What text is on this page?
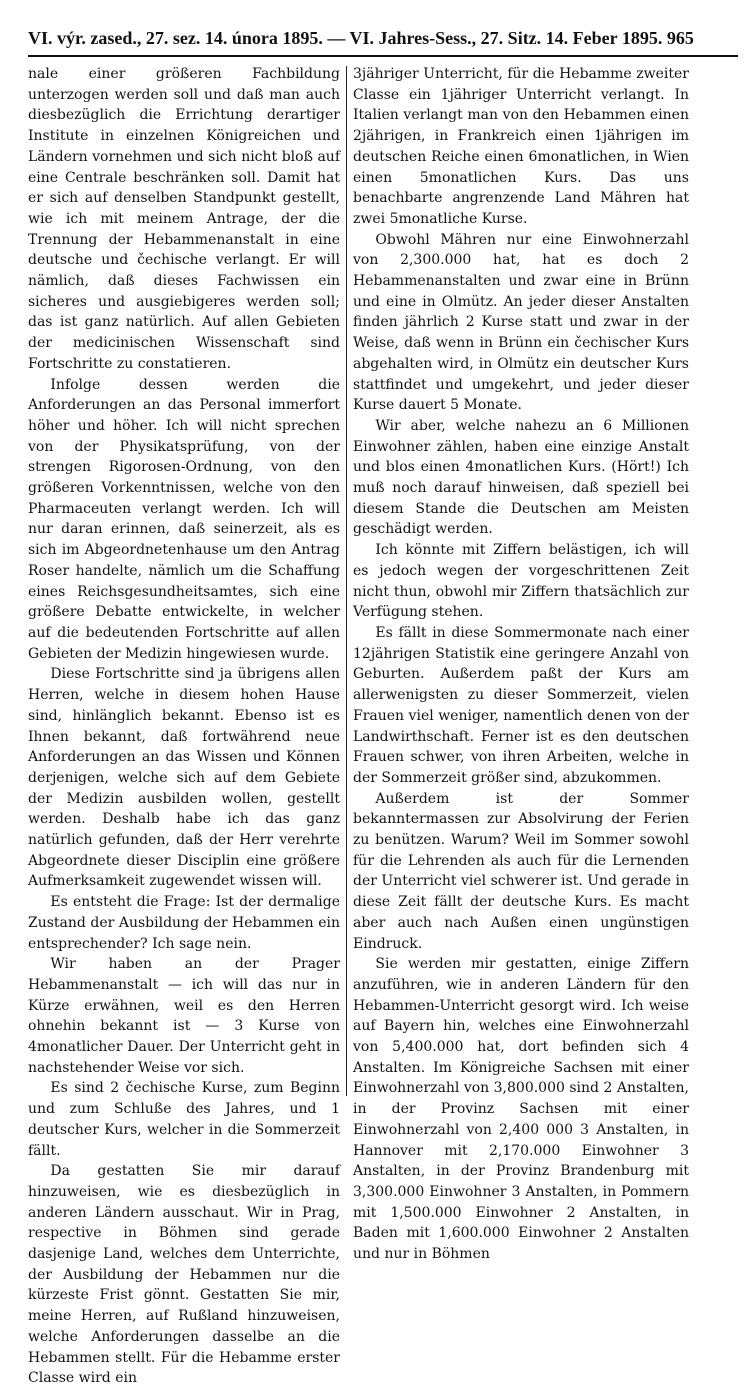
VI. výr. zased., 27. sez. 14. února 1895. — VI. Jahres-Sess., 27. Sitz. 14. Feber 1895. 965

nale einer größeren Fachbildung unterzogen werden soll und daß man auch diesbezüglich die Errichtung derartiger Institute in einzelnen Königreichen und Ländern vornehmen und sich nicht bloß auf eine Centrale beschränken soll. Damit hat er sich auf denselben Standpunkt gestellt, wie ich mit meinem Antrage, der die Trennung der Hebammenanstalt in eine deutsche und čechische verlangt. Er will nämlich, daß dieses Fachwissen ein sicheres und ausgiebigeres werden soll; das ist ganz natürlich. Auf allen Gebieten der medicinischen Wissenschaft sind Fortschritte zu constatieren.

Infolge dessen werden die Anforderungen an das Personal immerfort höher und höher. Ich will nicht sprechen von der Physikatsprüfung, von der strengen Rigorosen-Ordnung, von den größeren Vorkenntnissen, welche von den Pharmaceuten verlangt werden. Ich will nur daran erinnen, daß seinerzeit, als es sich im Abgeordnetenhause um den Antrag Roser handelte, nämlich um die Schaffung eines Reichsgesundheitsamtes, sich eine größere Debatte entwickelte, in welcher auf die bedeutenden Fortschritte auf allen Gebieten der Medizin hingewiesen wurde.

Diese Fortschritte sind ja übrigens allen Herren, welche in diesem hohen Hause sind, hinlänglich bekannt. Ebenso ist es Ihnen bekannt, daß fortwährend neue Anforderungen an das Wissen und Können derjenigen, welche sich auf dem Gebiete der Medizin ausbilden wollen, gestellt werden. Deshalb habe ich das ganz natürlich gefunden, daß der Herr verehrte Abgeordnete dieser Disciplin eine größere Aufmerksamkeit zugewendet wissen will.

Es entsteht die Frage: Ist der dermalige Zustand der Ausbildung der Hebammen ein entsprechender? Ich sage nein.

Wir haben an der Prager Hebammenanstalt — ich will das nur in Kürze erwähnen, weil es den Herren ohnehin bekannt ist — 3 Kurse von 4monatlicher Dauer. Der Unterricht geht in nachstehender Weise vor sich.

Es sind 2 čechische Kurse, zum Beginn und zum Schluße des Jahres, und 1 deutscher Kurs, welcher in die Sommerzeit fällt.

Da gestatten Sie mir darauf hinzuweisen, wie es diesbezüglich in anderen Ländern ausschaut. Wir in Prag, respective in Böhmen sind gerade dasjenige Land, welches dem Unterrichte, der Ausbildung der Hebammen nur die kürzeste Frist gönnt. Gestatten Sie mir, meine Herren, auf Rußland hinzuweisen, welche Anforderungen dasselbe an die Hebammen stellt. Für die Hebamme erster Classe wird ein

3jähriger Unterricht, für die Hebamme zweiter Classe ein 1jähriger Unterricht verlangt. In Italien verlangt man von den Hebammen einen 2jährigen, in Frankreich einen 1jährigen im deutschen Reiche einen 6monatlichen, in Wien einen 5monatlichen Kurs. Das uns benachbarte angrenzende Land Mähren hat zwei 5monatliche Kurse.

Obwohl Mähren nur eine Einwohnerzahl von 2,300.000 hat, hat es doch 2 Hebammenanstalten und zwar eine in Brünn und eine in Olmütz. An jeder dieser Anstalten finden jährlich 2 Kurse statt und zwar in der Weise, daß wenn in Brünn ein čechischer Kurs abgehalten wird, in Olmütz ein deutscher Kurs stattfindet und umgekehrt, und jeder dieser Kurse dauert 5 Monate.

Wir aber, welche nahezu an 6 Millionen Einwohner zählen, haben eine einzige Anstalt und blos einen 4monatlichen Kurs. (Hört!) Ich muß noch darauf hinweisen, daß speziell bei diesem Stande die Deutschen am Meisten geschädigt werden.

Ich könnte mit Ziffern belästigen, ich will es jedoch wegen der vorgeschrittenen Zeit nicht thun, obwohl mir Ziffern thatsächlich zur Verfügung stehen.

Es fällt in diese Sommermonate nach einer 12jährigen Statistik eine geringere Anzahl von Geburten. Außerdem paßt der Kurs am allerwenigsten zu dieser Sommerzeit, vielen Frauen viel weniger, namentlich denen von der Landwirthschaft. Ferner ist es den deutschen Frauen schwer, von ihren Arbeiten, welche in der Sommerzeit größer sind, abzukommen.

Außerdem ist der Sommer bekanntermassen zur Absolvirung der Ferien zu benützen. Warum? Weil im Sommer sowohl für die Lehrenden als auch für die Lernenden der Unterricht viel schwerer ist. Und gerade in diese Zeit fällt der deutsche Kurs. Es macht aber auch nach Außen einen ungünstigen Eindruck.

Sie werden mir gestatten, einige Ziffern anzuführen, wie in anderen Ländern für den Hebammen-Unterricht gesorgt wird. Ich weise auf Bayern hin, welches eine Einwohnerzahl von 5,400.000 hat, dort befinden sich 4 Anstalten. Im Königreiche Sachsen mit einer Einwohnerzahl von 3,800.000 sind 2 Anstalten, in der Provinz Sachsen mit einer Einwohnerzahl von 2,400 000 3 Anstalten, in Hannover mit 2,170.000 Einwohner 3 Anstalten, in der Provinz Brandenburg mit 3,300.000 Einwohner 3 Anstalten, in Pommern mit 1,500.000 Einwohner 2 Anstalten, in Baden mit 1,600.000 Einwohner 2 Anstalten und nur in Böhmen
